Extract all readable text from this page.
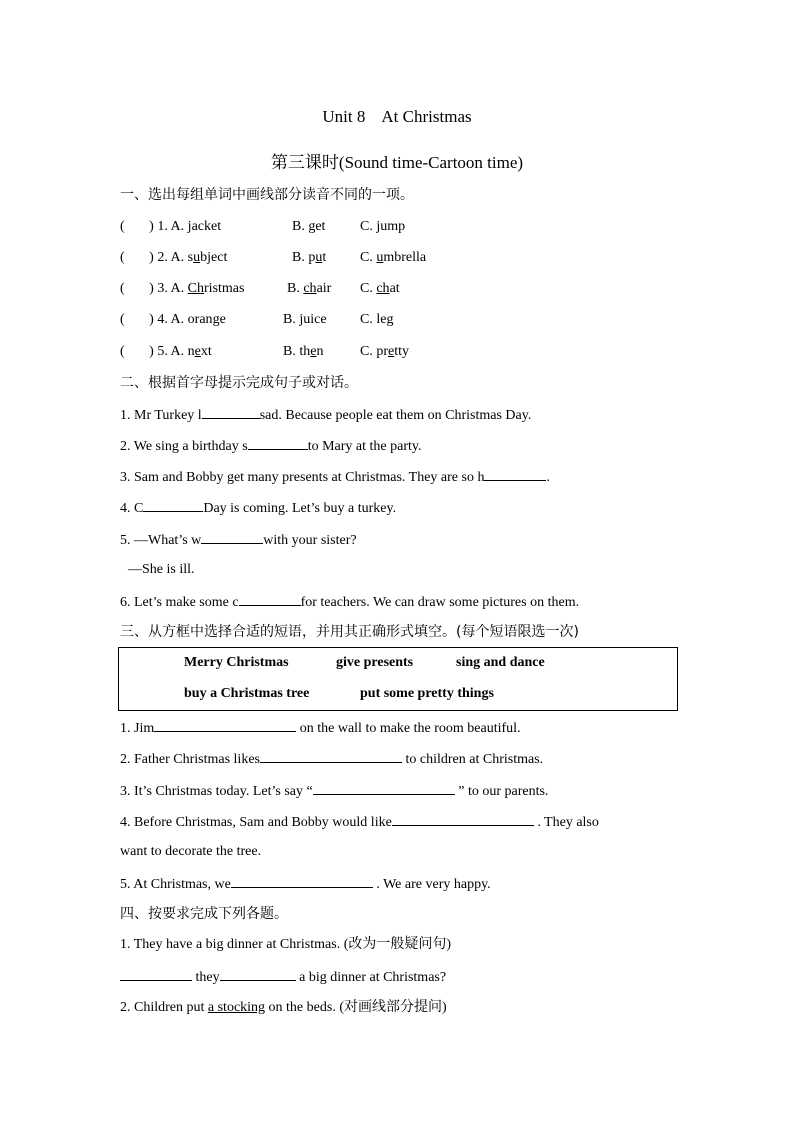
Unit 8    At Christmas
第三课时(Sound time-Cartoon time)
一、选出每组单词中画线部分读音不同的一项。
(       ) 1. A. jacket	B. get C. jump
(       ) 2. A. subject	B. put C. umbrella
(       ) 3. A. Christmas	B. chair C. chat
(       ) 4. A. orange	B. juice C. leg
(       ) 5. A. next	B. then	C. pretty
二、根据首字母提示完成句子或对话。
1. Mr Turkey l	sad. Because people eat them on Christmas Day.
2. We sing a birthday s	to Mary at the party.
3. Sam and Bobby get many presents at Christmas. They are so h	.
4. C	Day is coming. Let’s buy a turkey.
5. —What’s w	with your sister?
—She is ill.
6. Let’s make some c	for teachers. We can draw some pictures on them.
三、从方框中选择合适的短语，并用其正确形式填空。(每个短语限选一次)
Merry Christmas	give presents	sing and dance
buy a Christmas tree	put some pretty things
1. Jim	on the wall to make the room beautiful.
2. Father Christmas likes	to children at Christmas.
3. It’s Christmas today. Let’s say “	” to our parents.
4. Before Christmas, Sam and Bobby would like	. They also
want to decorate the tree.
5. At Christmas, we	. We are very happy.
四、按要求完成下列各题。
1. They have a big dinner at Christmas. (改为一般疑问句)
they	a big dinner at Christmas?
2. Children put a stocking on the beds. (对画线部分提问)
